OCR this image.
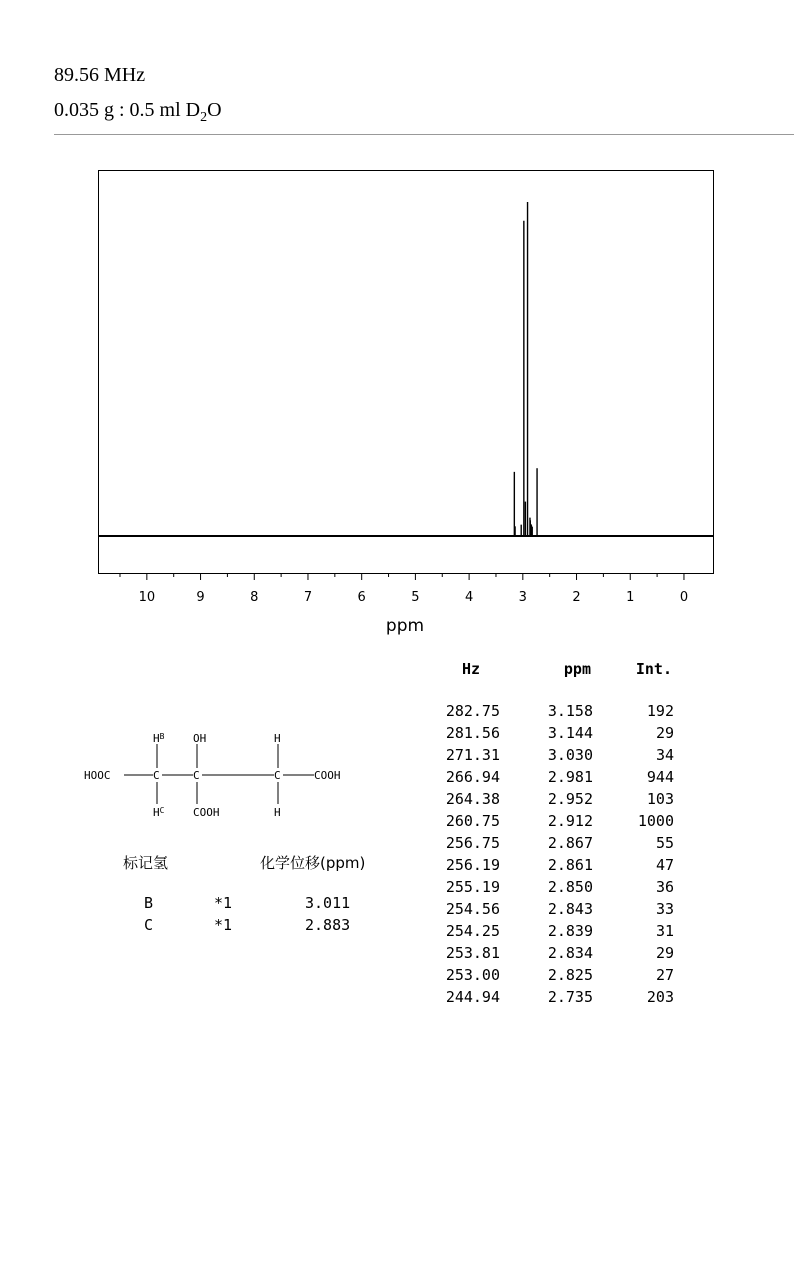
89.56 MHz
0.035 g : 0.5 ml $D_2O$
10	9	8	7	6	5	4	3	2	1	0
ppm
Hz	ppm	Int.
282.75	3.158	192
281.56	3.144	29
271.31	3.030	34
266.94	2.981	944
264.38	2.952	103
260.75	2.912	1000
256.75	2.867	55
256.19	2.861	47
255.19	2.850	36
254.56	2.843	33
254.25	2.839	31
253.81	2.834	29
253.00	2.825	27
244.94	2.735	203
HOOC	C	C	C	COOH
$H^B$
$H^C$
OH
COOH
H
H
标记氢	化学位移(ppm)
B	*1	3.011
C	*1	2.883
